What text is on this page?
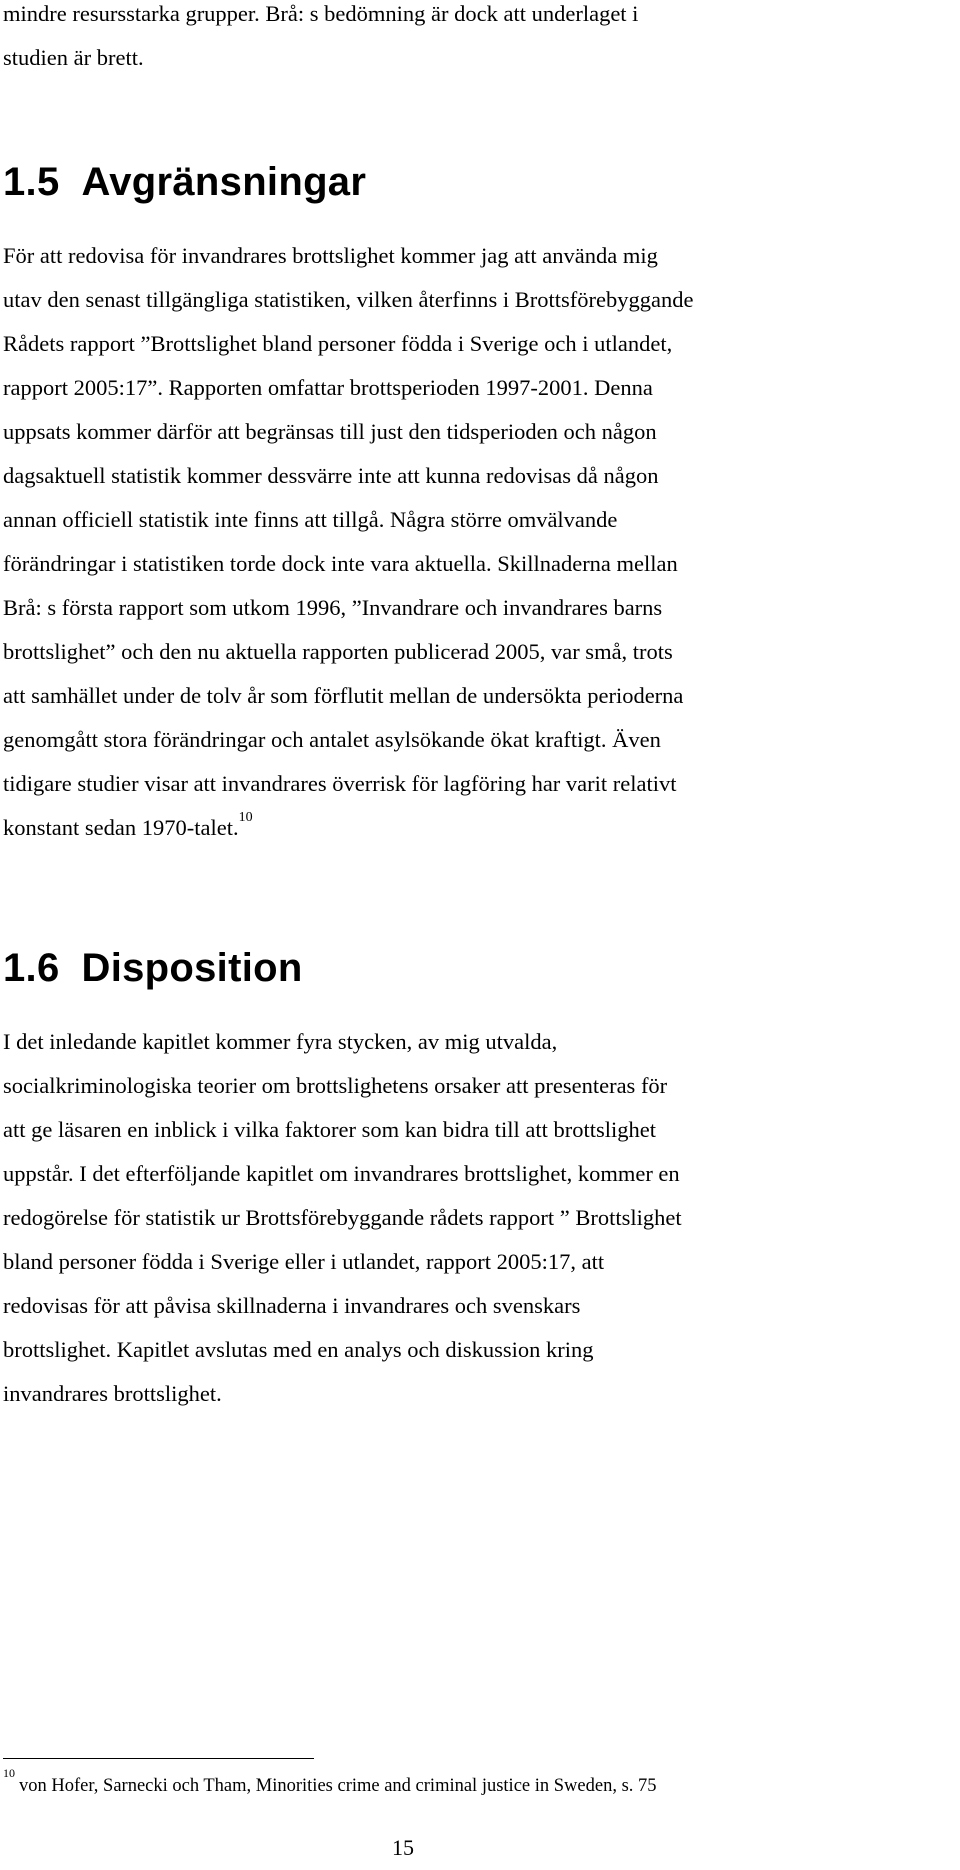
mindre resursstarka grupper. Brå: s bedömning är dock att underlaget i
studien är brett.

1.5 Avgränsningar

För att redovisa för invandrares brottslighet kommer jag att använda mig
utav den senast tillgängliga statistiken, vilken återfinns i Brottsförebyggande
Rådets rapport ”Brottslighet bland personer födda i Sverige och i utlandet,
rapport 2005:17”. Rapporten omfattar brottsperioden 1997-2001. Denna
uppsats kommer därför att begränsas till just den tidsperioden och någon
dagsaktuell statistik kommer dessvärre inte att kunna redovisas då någon
annan officiell statistik inte finns att tillgå. Några större omvälvande
förändringar i statistiken torde dock inte vara aktuella. Skillnaderna mellan
Brå: s första rapport som utkom 1996, ”Invandrare och invandrares barns
brottslighet” och den nu aktuella rapporten publicerad 2005, var små, trots
att samhället under de tolv år som förflutit mellan de undersökta perioderna
genomgått stora förändringar och antalet asylsökande ökat kraftigt. Även
tidigare studier visar att invandrares överrisk för lagföring har varit relativt
konstant sedan 1970-talet.$^{10}$

1.6 Disposition

I det inledande kapitlet kommer fyra stycken, av mig utvalda,
socialkriminologiska teorier om brottslighetens orsaker att presenteras för
att ge läsaren en inblick i vilka faktorer som kan bidra till att brottslighet
uppstår. I det efterföljande kapitlet om invandrares brottslighet, kommer en
redogörelse för statistik ur Brottsförebyggande rådets rapport ” Brottslighet
bland personer födda i Sverige eller i utlandet, rapport 2005:17, att
redovisas för att påvisa skillnaderna i invandrares och svenskars
brottslighet. Kapitlet avslutas med en analys och diskussion kring
invandrares brottslighet.

$^{10}$von Hofer, Sarnecki och Tham, Minorities crime and criminal justice in Sweden, s. 75

15
